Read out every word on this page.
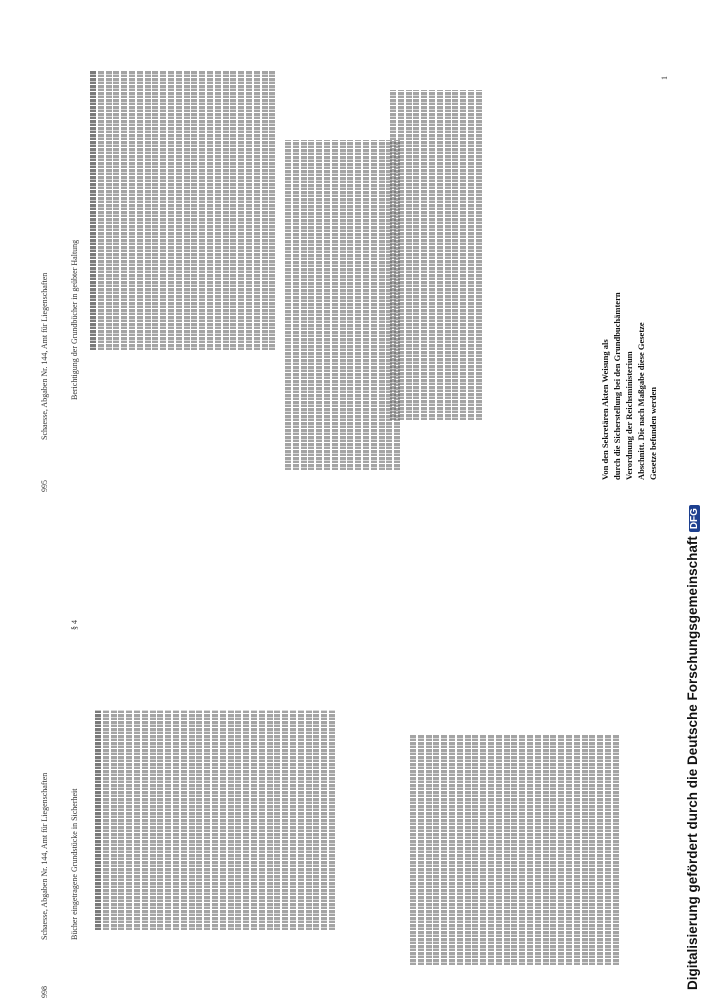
998
Schaesse, Abgaben Nr. 144, Amt für Liegenschaften	Bücher eingetragene Grundstücke in Sicherheit
§ 4
995
Schaesse, Abgaben Nr. 144, Amt für Liegenschaften	Berichtigung der Grundbücher in geübter Haltung
Von den Sekretären Akten Weisung als durch die Sicherstellung bei den Grundbuchämtern Verordnung der Reichsministerium Abschnitt. Die nach Maßgabe diese Gesetze Gesetze befunden werden
1
Digitalisierung gefördert durch die Deutsche ForschungsgemeinschaftDFG
